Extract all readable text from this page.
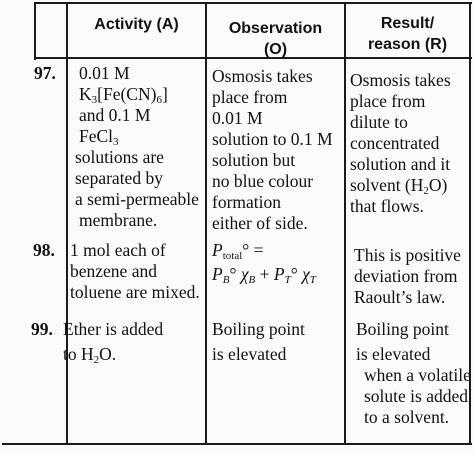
Activity (A)	Observation
(O)
Result/
reason (R)
97. 0.01 M
$K_3[Fe(CN)_6]$
and 0.1 M
FeCl$_3$
solutions are
separated by
a semi-permeable
membrane.
Osmosis takes
place from
0.01 M
solution to 0.1 M
solution but
no blue colour
formation
either of side.
Osmosis takes
place from
dilute to
concentrated
solution and it
solvent $(H_2O)$
that flows.
98. 1 mol each of
benzene and
toluene are mixed.
$P_{total}^\circ$ =
$P_B^\circ$ $\chi_B + P_T^\circ$ $\chi_T$
This is positive
deviation from
Raoult’s law.
99. Ether is added
to $H_2O$.
Boiling point
is elevated
Boiling point
is elevated
when a volatile
solute is added
to a solvent.
